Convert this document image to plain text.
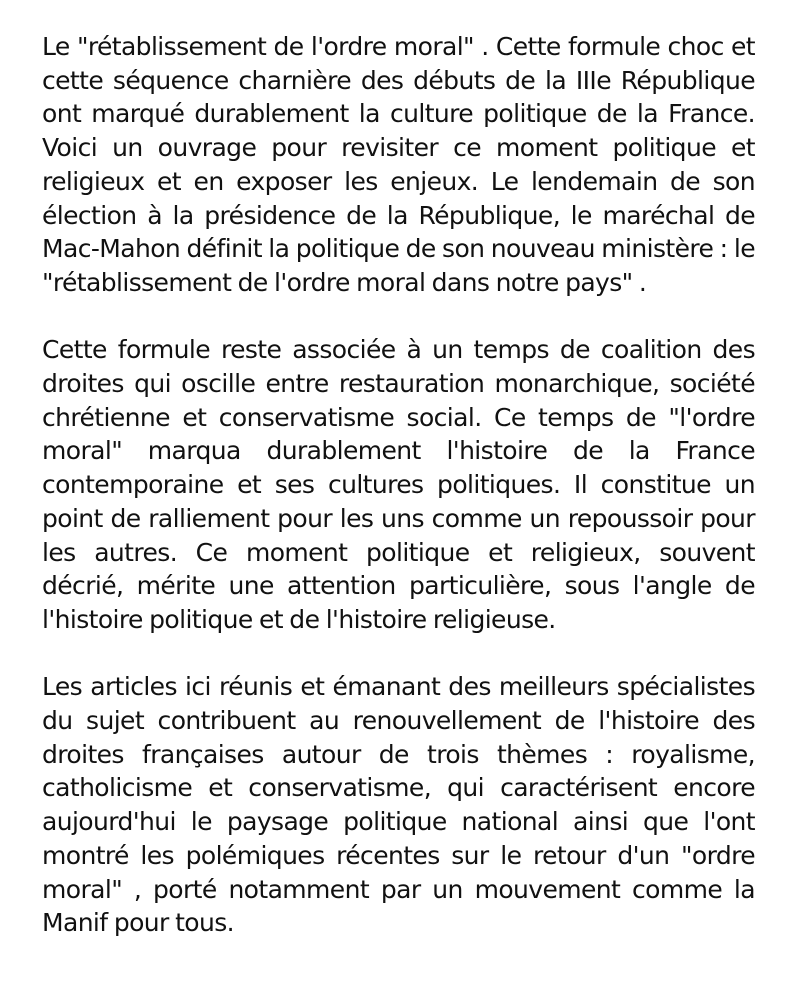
Le "rétablissement de l'ordre moral" . Cette formule choc et cette séquence charnière des débuts de la IIIe République ont marqué durablement la culture politique de la France. Voici un ouvrage pour revisiter ce moment politique et religieux et en exposer les enjeux. Le lendemain de son élection à la présidence de la République, le maréchal de Mac-Mahon définit la politique de son nouveau ministère : le "rétablissement de l'ordre moral dans notre pays" .

Cette formule reste associée à un temps de coalition des droites qui oscille entre restauration monarchique, société chrétienne et conservatisme social. Ce temps de "l'ordre moral" marqua durablement l'histoire de la France contemporaine et ses cultures politiques. Il constitue un point de ralliement pour les uns comme un repoussoir pour les autres. Ce moment politique et religieux, souvent décrié, mérite une attention particulière, sous l'angle de l'histoire politique et de l'histoire religieuse.

Les articles ici réunis et émanant des meilleurs spécialistes du sujet contribuent au renouvellement de l'histoire des droites françaises autour de trois thèmes : royalisme, catholicisme et conservatisme, qui caractérisent encore aujourd'hui le paysage politique national ainsi que l'ont montré les polémiques récentes sur le retour d'un "ordre moral" , porté notamment par un mouvement comme la Manif pour tous.
